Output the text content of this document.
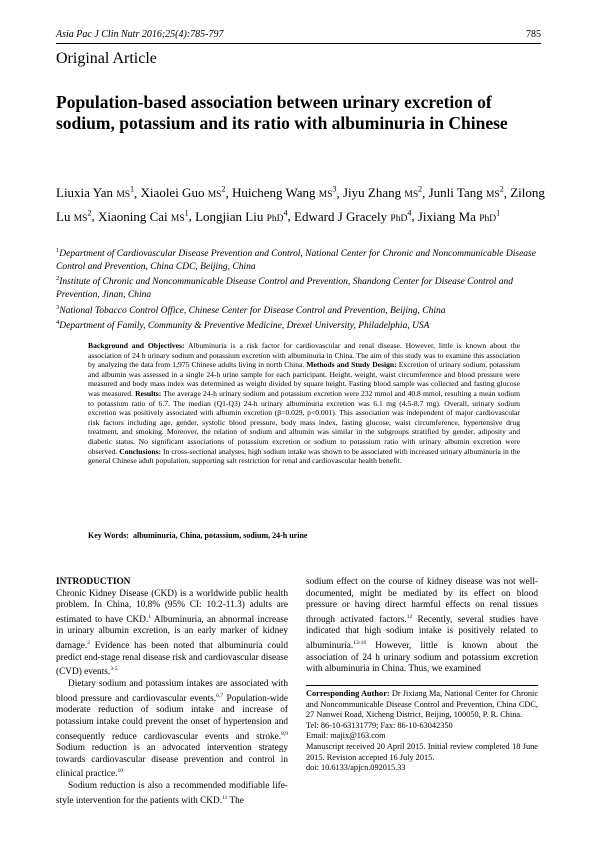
Asia Pac J Clin Nutr 2016;25(4):785-797	785
Original Article
Population-based association between urinary excretion of sodium, potassium and its ratio with albuminuria in Chinese
Liuxia Yan $MS^1$, Xiaolei Guo $MS^2$, Huicheng Wang $MS^3$, Jiyu Zhang $MS^2$, Junli Tang $MS^2$, Zilong Lu $MS^2$, Xiaoning Cai $MS^1$, Longjian Liu PhD$^4$, Edward J Gracely PhD$^4$, Jixiang Ma PhD$^1$
$^1$Department of Cardiovascular Disease Prevention and Control, National Center for Chronic and Noncommunicable Disease Control and Prevention, China CDC, Beijing, China
$^2$Institute of Chronic and Noncommunicable Disease Control and Prevention, Shandong Center for Disease Control and Prevention, Jinan, China
$^3$National Tobacco Control Office, Chinese Center for Disease Control and Prevention, Beijing, China
$^4$Department of Family, Community & Preventive Medicine, Drexel University, Philadelphia, USA

Background and Objectives: Albuminuria is a risk factor for cardiovascular and renal disease. However, little is known about the association of 24 h urinary sodium and potassium excretion with albuminuria in China. The aim of this study was to examine this association by analyzing the data from 1,975 Chinese adults living in north China. Methods and Study Design: Excretion of urinary sodium, potassium and albumin was assessed in a single 24-h urine sample for each participant. Height, weight, waist circumference and blood pressure were measured and body mass index was determined as weight divided by square height. Fasting blood sample was collected and fasting glucose was measured. Results: The average 24-h urinary sodium and potassium excretion were 232 mmol and 40.8 mmol, resulting a mean sodium to potassium ratio of 6.7. The median (Q1-Q3) 24-h urinary albuminuria excretion was 6.1 mg (4.5-8.7 mg). Overall, urinary sodium excretion was positively associated with albumin excretion (β=0.029, p<0.001). This association was independent of major cardiovascular risk factors including age, gender, systolic blood pressure, body mass index, fasting glucose, waist circumference, hypertensive drug treatment, and smoking. Moreover, the relation of sodium and albumin was similar in the subgroups stratified by gender, adiposity and diabetic status. No significant associations of potassium excretion or sodium to potassium ratio with urinary albumin excretion were observed. Conclusions: In cross-sectional analyses, high sodium intake was shown to be associated with increased urinary albuminuria in the general Chinese adult population, supporting salt restriction for renal and cardiovascular health benefit.

Key Words: albuminuria, China, potassium, sodium, 24-h urine

INTRODUCTION

Chronic Kidney Disease (CKD) is a worldwide public health problem. In China, 10.8% (95% CI: 10.2-11.3) adults are estimated to have CKD.$^1$ Albuminuria, an abnormal increase in urinary albumin excretion, is an early marker of kidney damage.$^2$ Evidence has been noted that albuminuria could predict end-stage renal disease risk and cardiovascular disease (CVD) events.$^{3-5}$

Dietary sodium and potassium intakes are associated with blood pressure and cardiovascular events.$^{6,7}$ Population-wide moderate reduction of sodium intake and increase of potassium intake could prevent the onset of hypertension and consequently reduce cardiovascular events and stroke.$^{8,9}$ Sodium reduction is an advocated intervention strategy towards cardiovascular disease prevention and control in clinical practice.$^{10}$

Sodium reduction is also a recommended modifiable life-style intervention for the patients with CKD.$^{11}$ The

sodium effect on the course of kidney disease was not well-documented, might be mediated by its effect on blood pressure or having direct harmful effects on renal tissues through activated factors.$^{12}$ Recently, several studies have indicated that high sodium intake is positively related to albuminuria.$^{13-16}$ However, little is known about the association of 24 h urinary sodium and potassium excretion with albuminuria in China. Thus, we examined

Corresponding Author: Dr Jixiang Ma, National Center for Chronic and Noncommunicable Disease Control and Prevention, China CDC, 27 Nanwei Road, Xicheng District, Beijing, 100050, P. R. China.

Tel: 86-10-63131779; Fax: 86-10-63042350

Email: majix@163.com

Manuscript received 20 April 2015. Initial review completed 18 June 2015. Revision accepted 16 July 2015.

doi: 10.6133/apjcn.092015.33
